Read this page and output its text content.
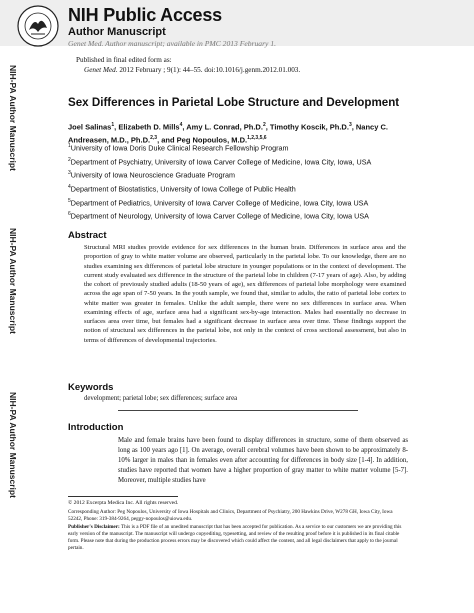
NIH Public Access
Author Manuscript
Genet Med. Author manuscript; available in PMC 2013 February 1.
Published in final edited form as:
Genet Med. 2012 February ; 9(1): 44–55. doi:10.1016/j.genm.2012.01.003.
NIH-PA Author Manuscript
NIH-PA Author Manuscript
NIH-PA Author Manuscript
Sex Differences in Parietal Lobe Structure and Development
Joel Salinas$^1$, Elizabeth D. Mills$^4$, Amy L. Conrad, Ph.D.$^2$, Timothy Koscik, Ph.D.$^3$, Nancy C. Andreasen, M.D., Ph.D.$^{2,3}$, and Peg Nopoulos, M.D.$^{1,2,3,5,6}$
$^1$University of Iowa Doris Duke Clinical Research Fellowship Program
$^2$Department of Psychiatry, University of Iowa Carver College of Medicine, Iowa City, Iowa, USA
$^3$University of Iowa Neuroscience Graduate Program
$^4$Department of Biostatistics, University of Iowa College of Public Health
$^5$Department of Pediatrics, University of Iowa Carver College of Medicine, Iowa City, Iowa USA
$^6$Department of Neurology, University of Iowa Carver College of Medicine, Iowa City, Iowa USA
Abstract
Structural MRI studies provide evidence for sex differences in the human brain. Differences in surface area and the proportion of gray to white matter volume are observed, particularly in the parietal lobe. To our knowledge, there are no studies examining sex differences of parietal lobe structure in younger populations or in the context of development. The current study evaluated sex difference in the structure of the parietal lobe in children (7-17 years of age). Also, by adding the cohort of previously studied adults (18-50 years of age), sex differences of parietal lobe morphology were examined across the age span of 7-50 years. In the youth sample, we found that, similar to adults, the ratio of parietal lobe cortex to white matter was greater in females. Unlike the adult sample, there were no sex differences in surface area. When examining effects of age, surface area had a significant sex-by-age interaction. Males had essentially no decrease in surfaces area over time, but females had a significant decrease in surface area over time. These findings support the notion of structural sex differences in the parietal lobe, not only in the context of cross sectional assessment, but also in terms of differences of developmental trajectories.
Keywords
development; parietal lobe; sex differences; surface area
Introduction
Male and female brains have been found to display differences in structure, some of them observed as long as 100 years ago [1]. On average, overall cerebral volumes have been shown to be approximately 8-10% larger in males than in females even after accounting for differences in body size [1-4]. In addition, studies have reported that women have a higher proportion of gray matter to white matter volume [5-7]. Moreover, multiple studies have
© 2012 Excerpta Medica Inc. All rights reserved.
Corresponding Author: Peg Nopoulos, University of Iowa Hospitals and Clinics, Department of Psychiatry, 200 Hawkins Drive, W278 GH, Iowa City, Iowa 52242, Phone: 319-384-9264, peggy-nopoulos@uiowa.edu.
Publisher's Disclaimer: This is a PDF file of an unedited manuscript that has been accepted for publication. As a service to our customers we are providing this early version of the manuscript. The manuscript will undergo copyediting, typesetting, and review of the resulting proof before it is published in its final citable form. Please note that during the production process errors may be discovered which could affect the content, and all legal disclaimers that apply to the journal pertain.
